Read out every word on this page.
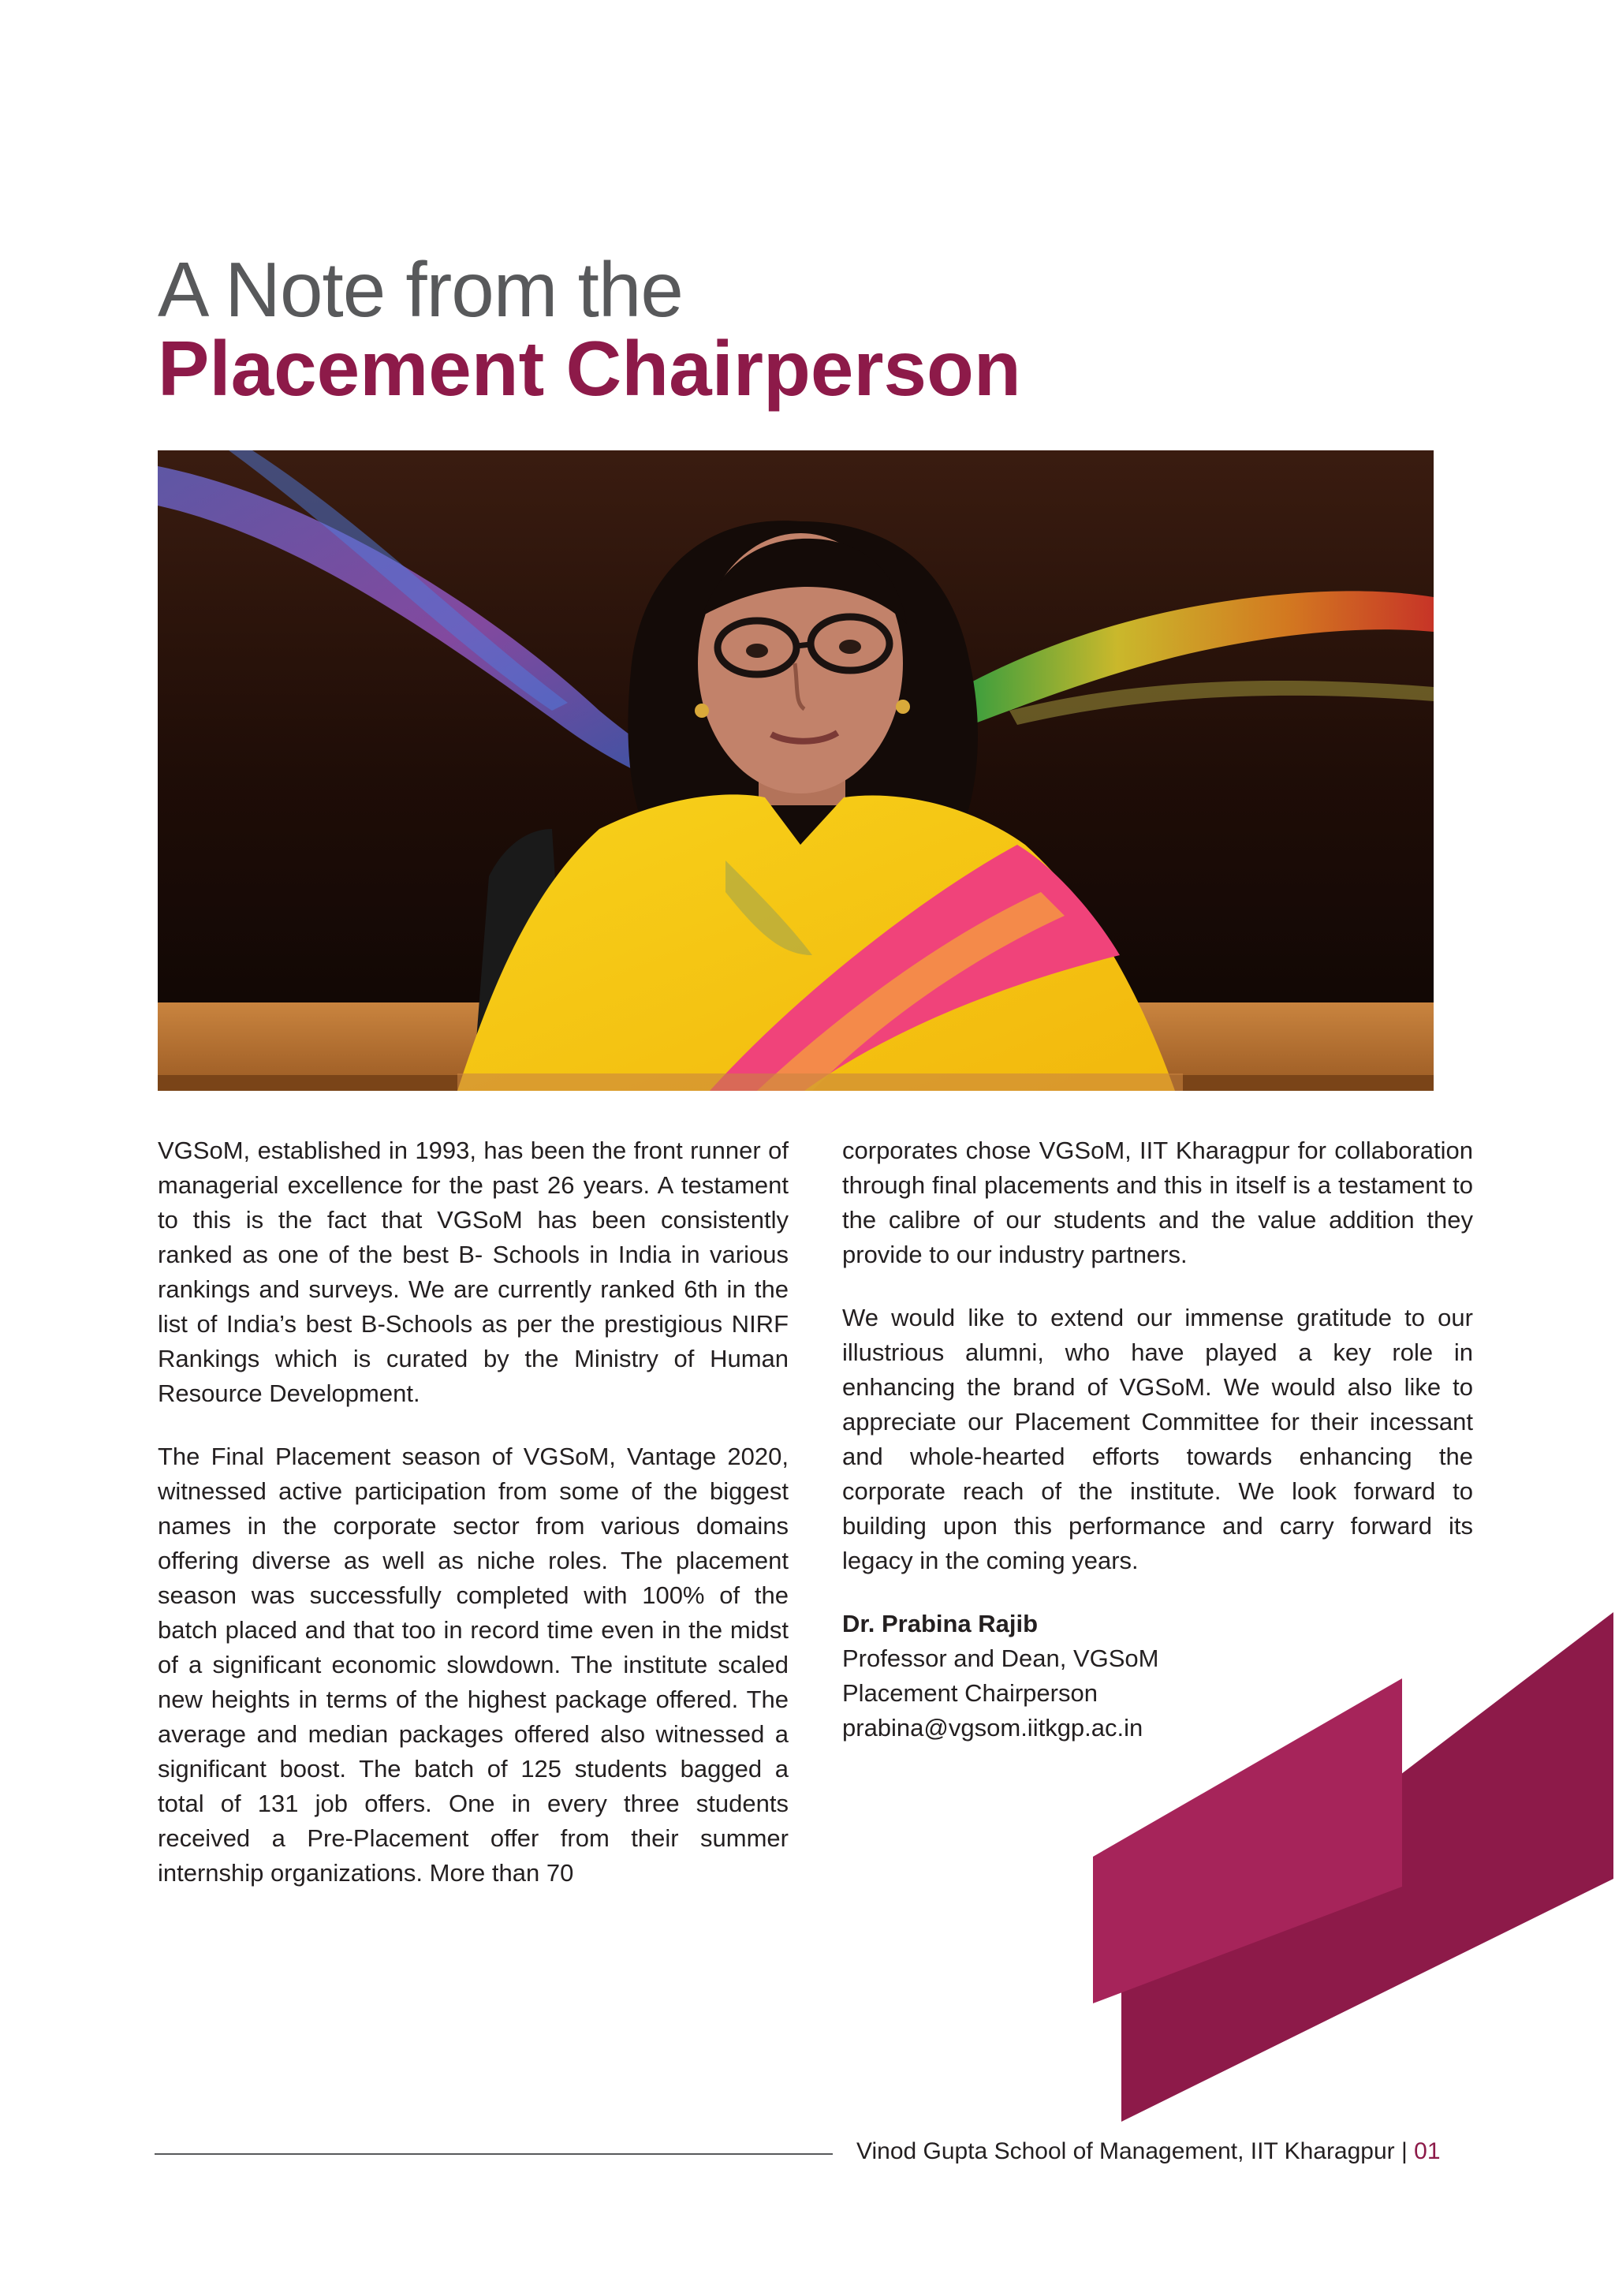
A Note from the
Placement Chairperson

VGSoM, established in 1993, has been the front runner of managerial excellence for the past 26 years. A testament to this is the fact that VGSoM has been consistently ranked as one of the best B- Schools in India in various rankings and surveys. We are currently ranked 6th in the list of India’s best B-Schools as per the prestigious NIRF Rankings which is curated by the Ministry of Human Resource Development.

The Final Placement season of VGSoM, Vantage 2020, witnessed active participation from some of the biggest names in the corporate sector from various domains offering diverse as well as niche roles. The placement season was successfully completed with 100% of the batch placed and that too in record time even in the midst of a significant economic slowdown. The institute scaled new heights in terms of the highest package offered. The average and median packages offered also witnessed a significant boost. The batch of 125 students bagged a total of 131 job offers. One in every three students received a Pre-Placement offer from their summer internship organizations. More than 70

corporates chose VGSoM, IIT Kharagpur for collaboration through final placements and this in itself is a testament to the calibre of our students and the value addition they provide to our industry partners.

We would like to extend our immense gratitude to our illustrious alumni, who have played a key role in enhancing the brand of VGSoM. We would also like to appreciate our Placement Committee for their incessant and whole-hearted efforts towards enhancing the corporate reach of the institute. We look forward to building upon this performance and carry forward its legacy in the coming years.

Dr. Prabina Rajib
Professor and Dean, VGSoM
Placement Chairperson
prabina@vgsom.iitkgp.ac.in
Vinod Gupta School of Management, IIT Kharagpur | 01
